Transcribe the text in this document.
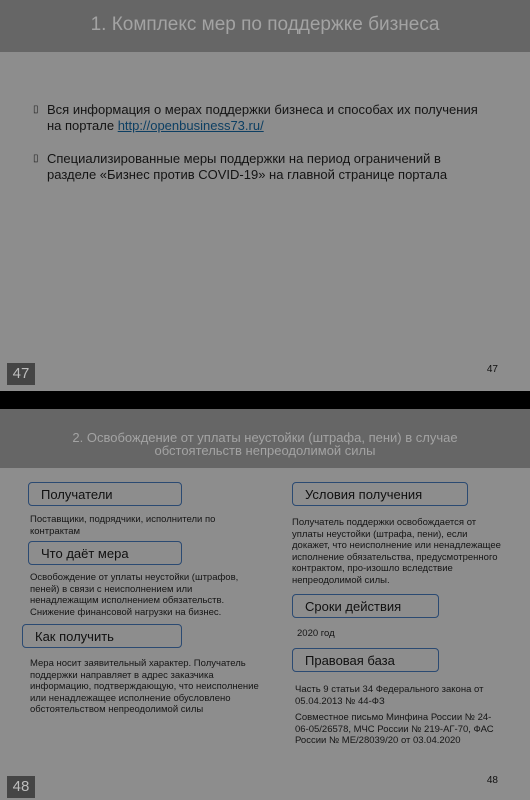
1. Комплекс мер по поддержке бизнеса
▯ Вся информация о мерах поддержки бизнеса и способах их получения на портале http://openbusiness73.ru/
▯ Специализированные меры поддержки на период ограничений в разделе «Бизнес против COVID-19» на главной странице портала
47	47
2. Освобождение от уплаты неустойки (штрафа, пени) в случае
обстоятельств непреодолимой силы
Получатели
Поставщики, подрядчики, исполнители по контрактам
Что даёт мера
Освобождение от уплаты неустойки (штрафов, пеней) в связи с неисполнением или ненадлежащим исполнением обязательств. Снижение финансовой нагрузки на бизнес.
Как получить
Мера носит заявительный характер. Получатель поддержки направляет в адрес заказчика информацию, подтверждающую, что неисполнение или ненадлежащее исполнение обусловлено обстоятельством непреодолимой силы
Условия получения
Получатель поддержки освобождается от уплаты неустойки (штрафа, пени), если докажет, что неисполнение или ненадлежащее исполнение обязательства, предусмотренного контрактом, про-изошло вследствие непреодолимой силы.
Сроки действия
2020 год
Правовая база
Часть 9 статьи 34 Федерального закона от 05.04.2013 № 44-ФЗ
Совместное письмо Минфина России № 24-06-05/26578, МЧС России № 219-АГ-70, ФАС России № МЕ/28039/20 от 03.04.2020
48	48
